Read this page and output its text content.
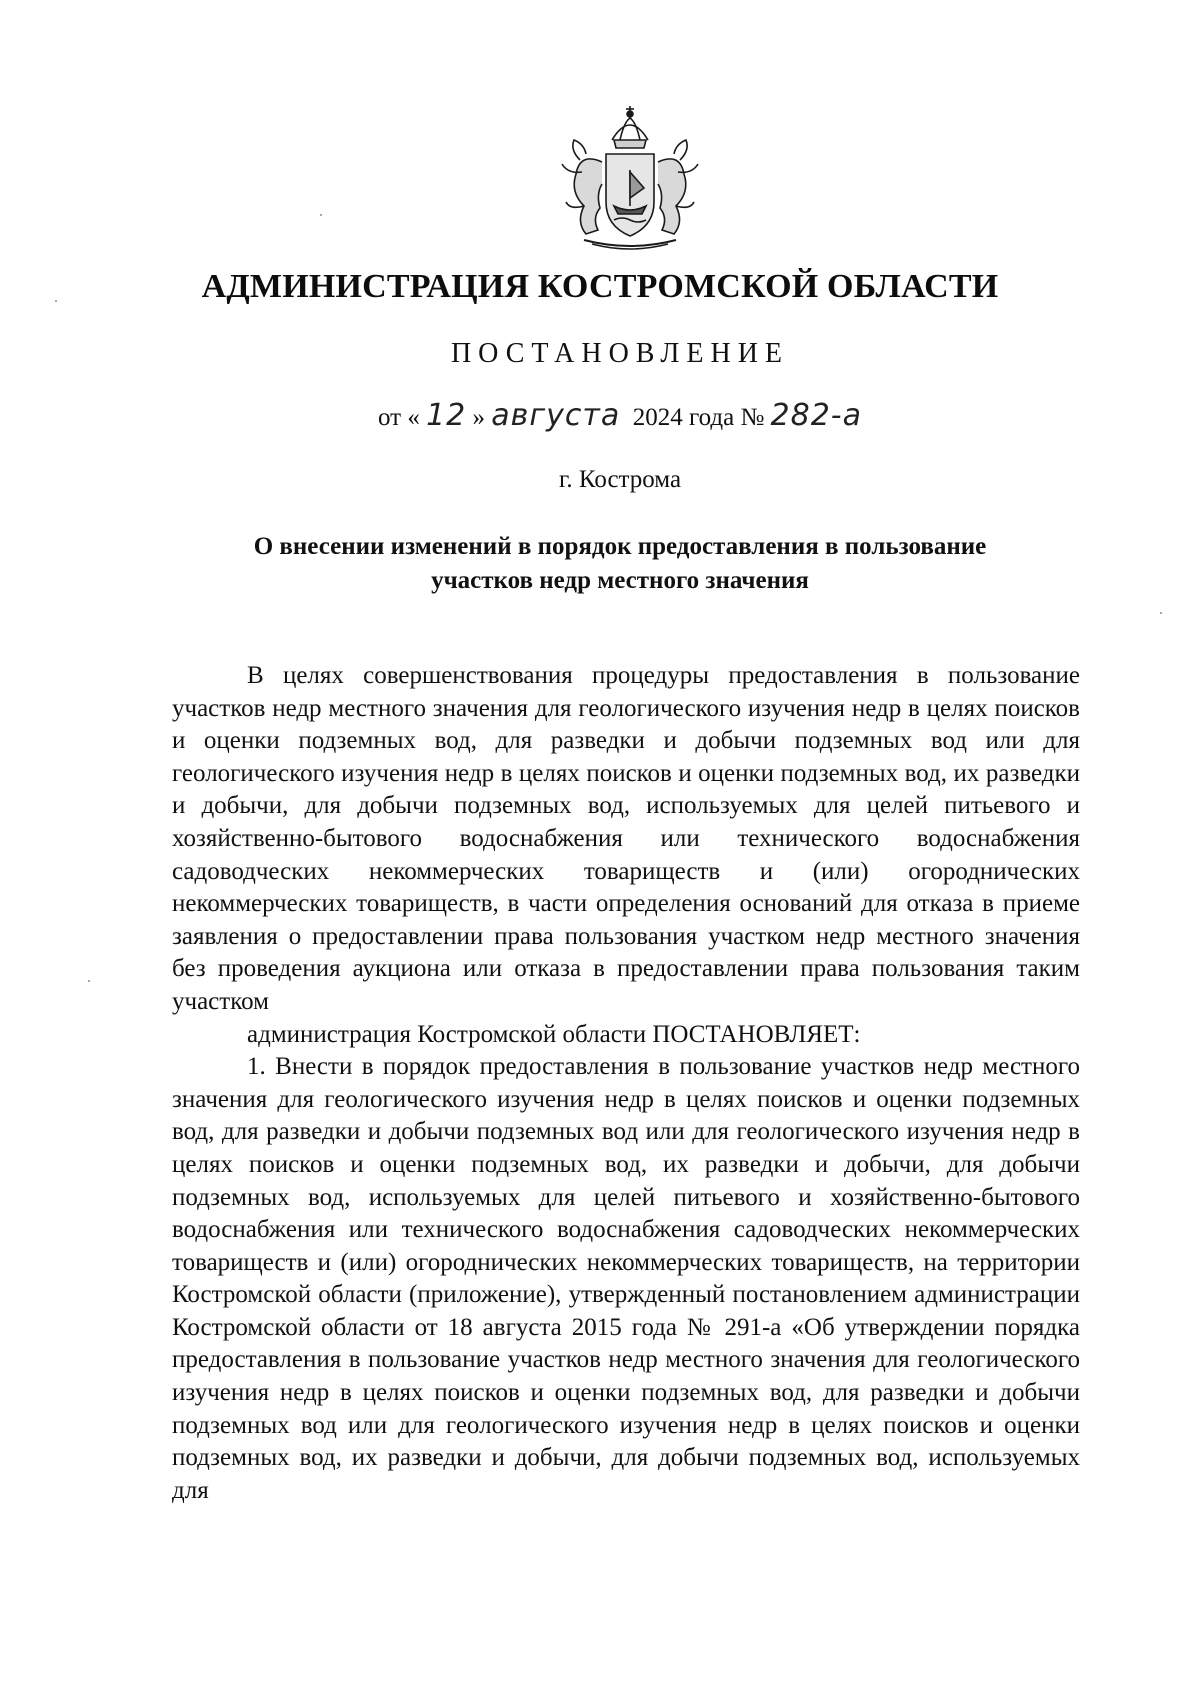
АДМИНИСТРАЦИЯ КОСТРОМСКОЙ ОБЛАСТИ
ПОСТАНОВЛЕНИЕ
от « 12 » августа 2024 года № 282-а
г. Кострома
О внесении изменений в порядок предоставления в пользование
участков недр местного значения

В целях совершенствования процедуры предоставления в пользование участков недр местного значения для геологического изучения недр в целях поисков и оценки подземных вод, для разведки и добычи подземных вод или для геологического изучения недр в целях поисков и оценки подземных вод, их разведки и добычи, для добычи подземных вод, используемых для целей питьевого и хозяйственно-бытового водоснабжения или технического водоснабжения садоводческих некоммерческих товариществ и (или) огороднических некоммерческих товариществ, в части определения оснований для отказа в приеме заявления о предоставлении права пользования участком недр местного значения без проведения аукциона или отказа в предоставлении права пользования таким участком

администрация Костромской области ПОСТАНОВЛЯЕТ:

1. Внести в порядок предоставления в пользование участков недр местного значения для геологического изучения недр в целях поисков и оценки подземных вод, для разведки и добычи подземных вод или для геологического изучения недр в целях поисков и оценки подземных вод, их разведки и добычи, для добычи подземных вод, используемых для целей питьевого и хозяйственно-бытового водоснабжения или технического водоснабжения садоводческих некоммерческих товариществ и (или) огороднических некоммерческих товариществ, на территории Костромской области (приложение), утвержденный постановлением администрации Костромской области от 18 августа 2015 года № 291-а «Об утверждении порядка предоставления в пользование участков недр местного значения для геологического изучения недр в целях поисков и оценки подземных вод, для разведки и добычи подземных вод или для геологического изучения недр в целях поисков и оценки подземных вод, их разведки и добычи, для добычи подземных вод, используемых для
